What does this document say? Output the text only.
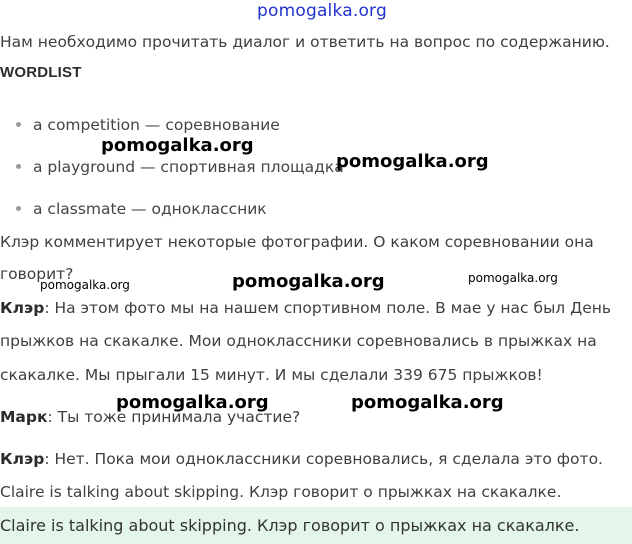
pomogalka.org
Нам необходимо прочитать диалог и ответить на вопрос по содержанию.
WORDLIST
a competition — соревнование
a playground — спортивная площадка
a classmate — одноклассник
Клэр комментирует некоторые фотографии. О каком соревновании она
говорит?
Клэр: На этом фото мы на нашем спортивном поле. В мае у нас был День
прыжков на скакалке. Мои одноклассники соревновались в прыжках на
скакалке. Мы прыгали 15 минут. И мы сделали 339 675 прыжков!
Марк: Ты тоже принимала участие?
Клэр: Нет. Пока мои одноклассники соревновались, я сделала это фото.
Claire is talking about skipping. Клэр говорит о прыжках на скакалке.
Claire is talking about skipping. Клэр говорит о прыжках на скакалке.
pomogalka.org
pomogalka.org
pomogalka.org	pomogalka.org	pomogalka.org
pomogalka.org	pomogalka.org
